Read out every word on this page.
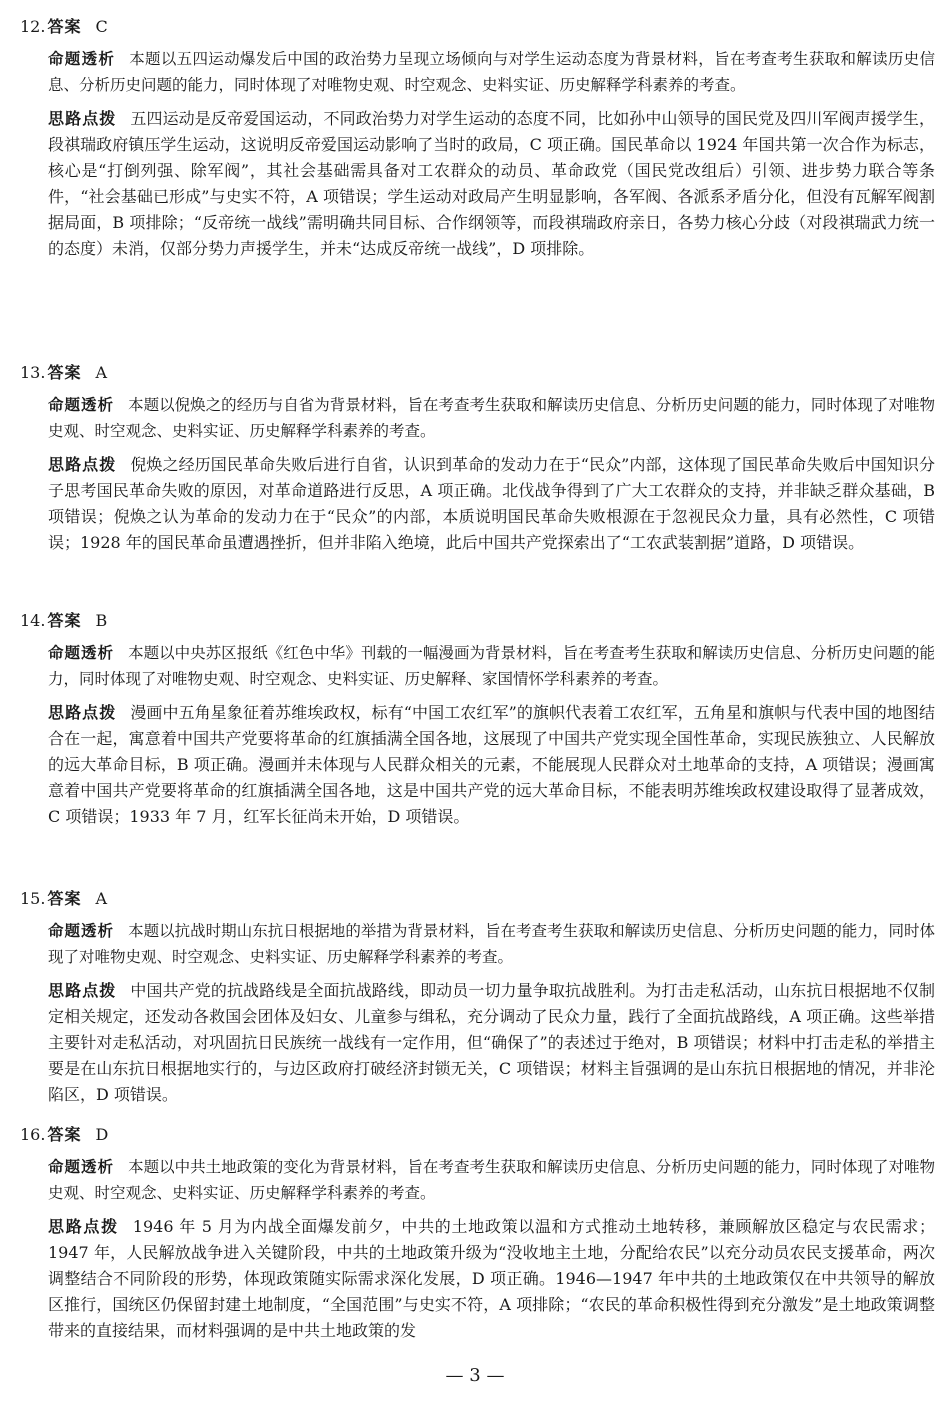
12. 答案 C

命题透析 本题以五四运动爆发后中国的政治势力呈现立场倾向与对学生运动态度为背景材料，旨在考查考生获取和解读历史信息、分析历史问题的能力，同时体现了对唯物史观、时空观念、史料实证、历史解释学科素养的考查。

思路点拨 五四运动是反帝爱国运动，不同政治势力对学生运动的态度不同，比如孙中山领导的国民党及四川军阀声援学生，段祺瑞政府镇压学生运动，这说明反帝爱国运动影响了当时的政局，C 项正确。国民革命以 1924 年国共第一次合作为标志，核心是“打倒列强、除军阀”，其社会基础需具备对工农群众的动员、革命政党（国民党改组后）引领、进步势力联合等条件，“社会基础已形成”与史实不符，A 项错误；学生运动对政局产生明显影响，各军阀、各派系矛盾分化，但没有瓦解军阀割据局面，B 项排除；“反帝统一战线”需明确共同目标、合作纲领等，而段祺瑞政府亲日，各势力核心分歧（对段祺瑞武力统一的态度）未消，仅部分势力声援学生，并未“达成反帝统一战线”，D 项排除。

13. 答案 A

命题透析 本题以倪焕之的经历与自省为背景材料，旨在考查考生获取和解读历史信息、分析历史问题的能力，同时体现了对唯物史观、时空观念、史料实证、历史解释学科素养的考查。

思路点拨 倪焕之经历国民革命失败后进行自省，认识到革命的发动力在于“民众”内部，这体现了国民革命失败后中国知识分子思考国民革命失败的原因，对革命道路进行反思，A 项正确。北伐战争得到了广大工农群众的支持，并非缺乏群众基础，B 项错误；倪焕之认为革命的发动力在于“民众”的内部，本质说明国民革命失败根源在于忽视民众力量，具有必然性，C 项错误；1928 年的国民革命虽遭遇挫折，但并非陷入绝境，此后中国共产党探索出了“工农武装割据”道路，D 项错误。

14. 答案 B

命题透析 本题以中央苏区报纸《红色中华》刊载的一幅漫画为背景材料，旨在考查考生获取和解读历史信息、分析历史问题的能力，同时体现了对唯物史观、时空观念、史料实证、历史解释、家国情怀学科素养的考查。

思路点拨 漫画中五角星象征着苏维埃政权，标有“中国工农红军”的旗帜代表着工农红军，五角星和旗帜与代表中国的地图结合在一起，寓意着中国共产党要将革命的红旗插满全国各地，这展现了中国共产党实现全国性革命，实现民族独立、人民解放的远大革命目标，B 项正确。漫画并未体现与人民群众相关的元素，不能展现人民群众对土地革命的支持，A 项错误；漫画寓意着中国共产党要将革命的红旗插满全国各地，这是中国共产党的远大革命目标，不能表明苏维埃政权建设取得了显著成效，C 项错误；1933 年 7 月，红军长征尚未开始，D 项错误。

15. 答案 A

命题透析 本题以抗战时期山东抗日根据地的举措为背景材料，旨在考查考生获取和解读历史信息、分析历史问题的能力，同时体现了对唯物史观、时空观念、史料实证、历史解释学科素养的考查。

思路点拨 中国共产党的抗战路线是全面抗战路线，即动员一切力量争取抗战胜利。为打击走私活动，山东抗日根据地不仅制定相关规定，还发动各救国会团体及妇女、儿童参与缉私，充分调动了民众力量，践行了全面抗战路线，A 项正确。这些举措主要针对走私活动，对巩固抗日民族统一战线有一定作用，但“确保了”的表述过于绝对，B 项错误；材料中打击走私的举措主要是在山东抗日根据地实行的，与边区政府打破经济封锁无关，C 项错误；材料主旨强调的是山东抗日根据地的情况，并非沦陷区，D 项错误。

16. 答案 D

命题透析 本题以中共土地政策的变化为背景材料，旨在考查考生获取和解读历史信息、分析历史问题的能力，同时体现了对唯物史观、时空观念、史料实证、历史解释学科素养的考查。

思路点拨 1946 年 5 月为内战全面爆发前夕，中共的土地政策以温和方式推动土地转移，兼顾解放区稳定与农民需求；1947 年，人民解放战争进入关键阶段，中共的土地政策升级为“没收地主土地，分配给农民”以充分动员农民支援革命，两次调整结合不同阶段的形势，体现政策随实际需求深化发展，D 项正确。1946—1947 年中共的土地政策仅在中共领导的解放区推行，国统区仍保留封建土地制度，“全国范围”与史实不符，A 项排除；“农民的革命积极性得到充分激发”是土地政策调整带来的直接结果，而材料强调的是中共土地政策的发

— 3 —
